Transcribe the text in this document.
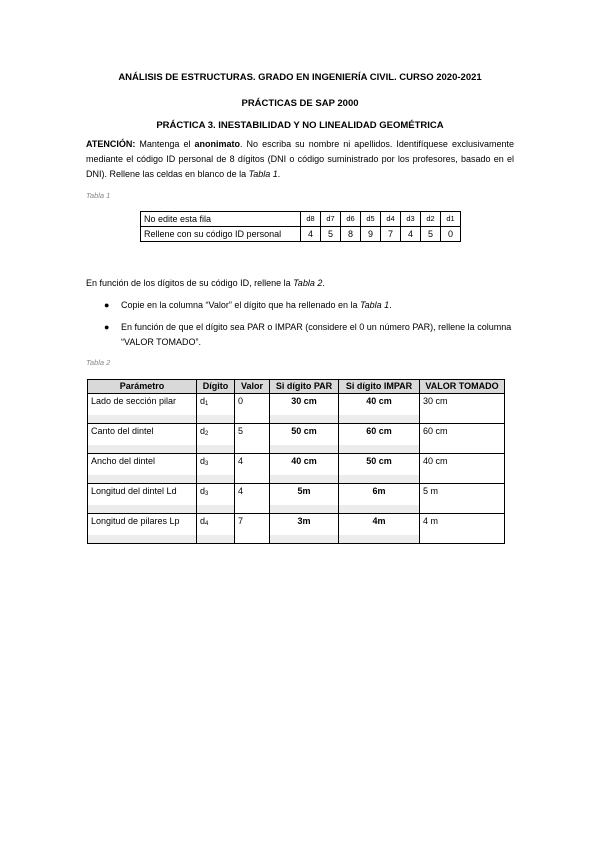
ANÁLISIS DE ESTRUCTURAS. GRADO EN INGENIERÍA CIVIL. CURSO 2020-2021
PRÁCTICAS DE SAP 2000
PRÁCTICA 3. INESTABILIDAD Y NO LINEALIDAD GEOMÉTRICA
ATENCIÓN: Mantenga el anonimato. No escriba su nombre ni apellidos. Identifíquese exclusivamente mediante el código ID personal de 8 dígitos (DNI o código suministrado por los profesores, basado en el DNI). Rellene las celdas en blanco de la Tabla 1.
Tabla 1
No edite esta fila	d8	d7	d6	d5	d4	d3	d2	d1
Rellene con su código ID personal	4	5	8	9	7	4	5	0
En función de los dígitos de su código ID, rellene la Tabla 2.
● Copie en la columna “Valor” el dígito que ha rellenado en la Tabla 1.
● En función de que el dígito sea PAR o IMPAR (considere el 0 un número PAR), rellene la columna “VALOR TOMADO”.
Tabla 2
Parámetro	Dígito	Valor	Si dígito PAR	Si dígito IMPAR	VALOR TOMADO

Lado de sección pilar	d1	0	30 cm	40 cm	30 cm

Canto del dintel	d2	5	50 cm	60 cm	60 cm

Ancho del dintel	d3	4	40 cm	50 cm	40 cm

Longitud del dintel Ld	d3	4	5m	6m	5 m

Longitud de pilares Lp	d4	7	3m	4m	4 m
